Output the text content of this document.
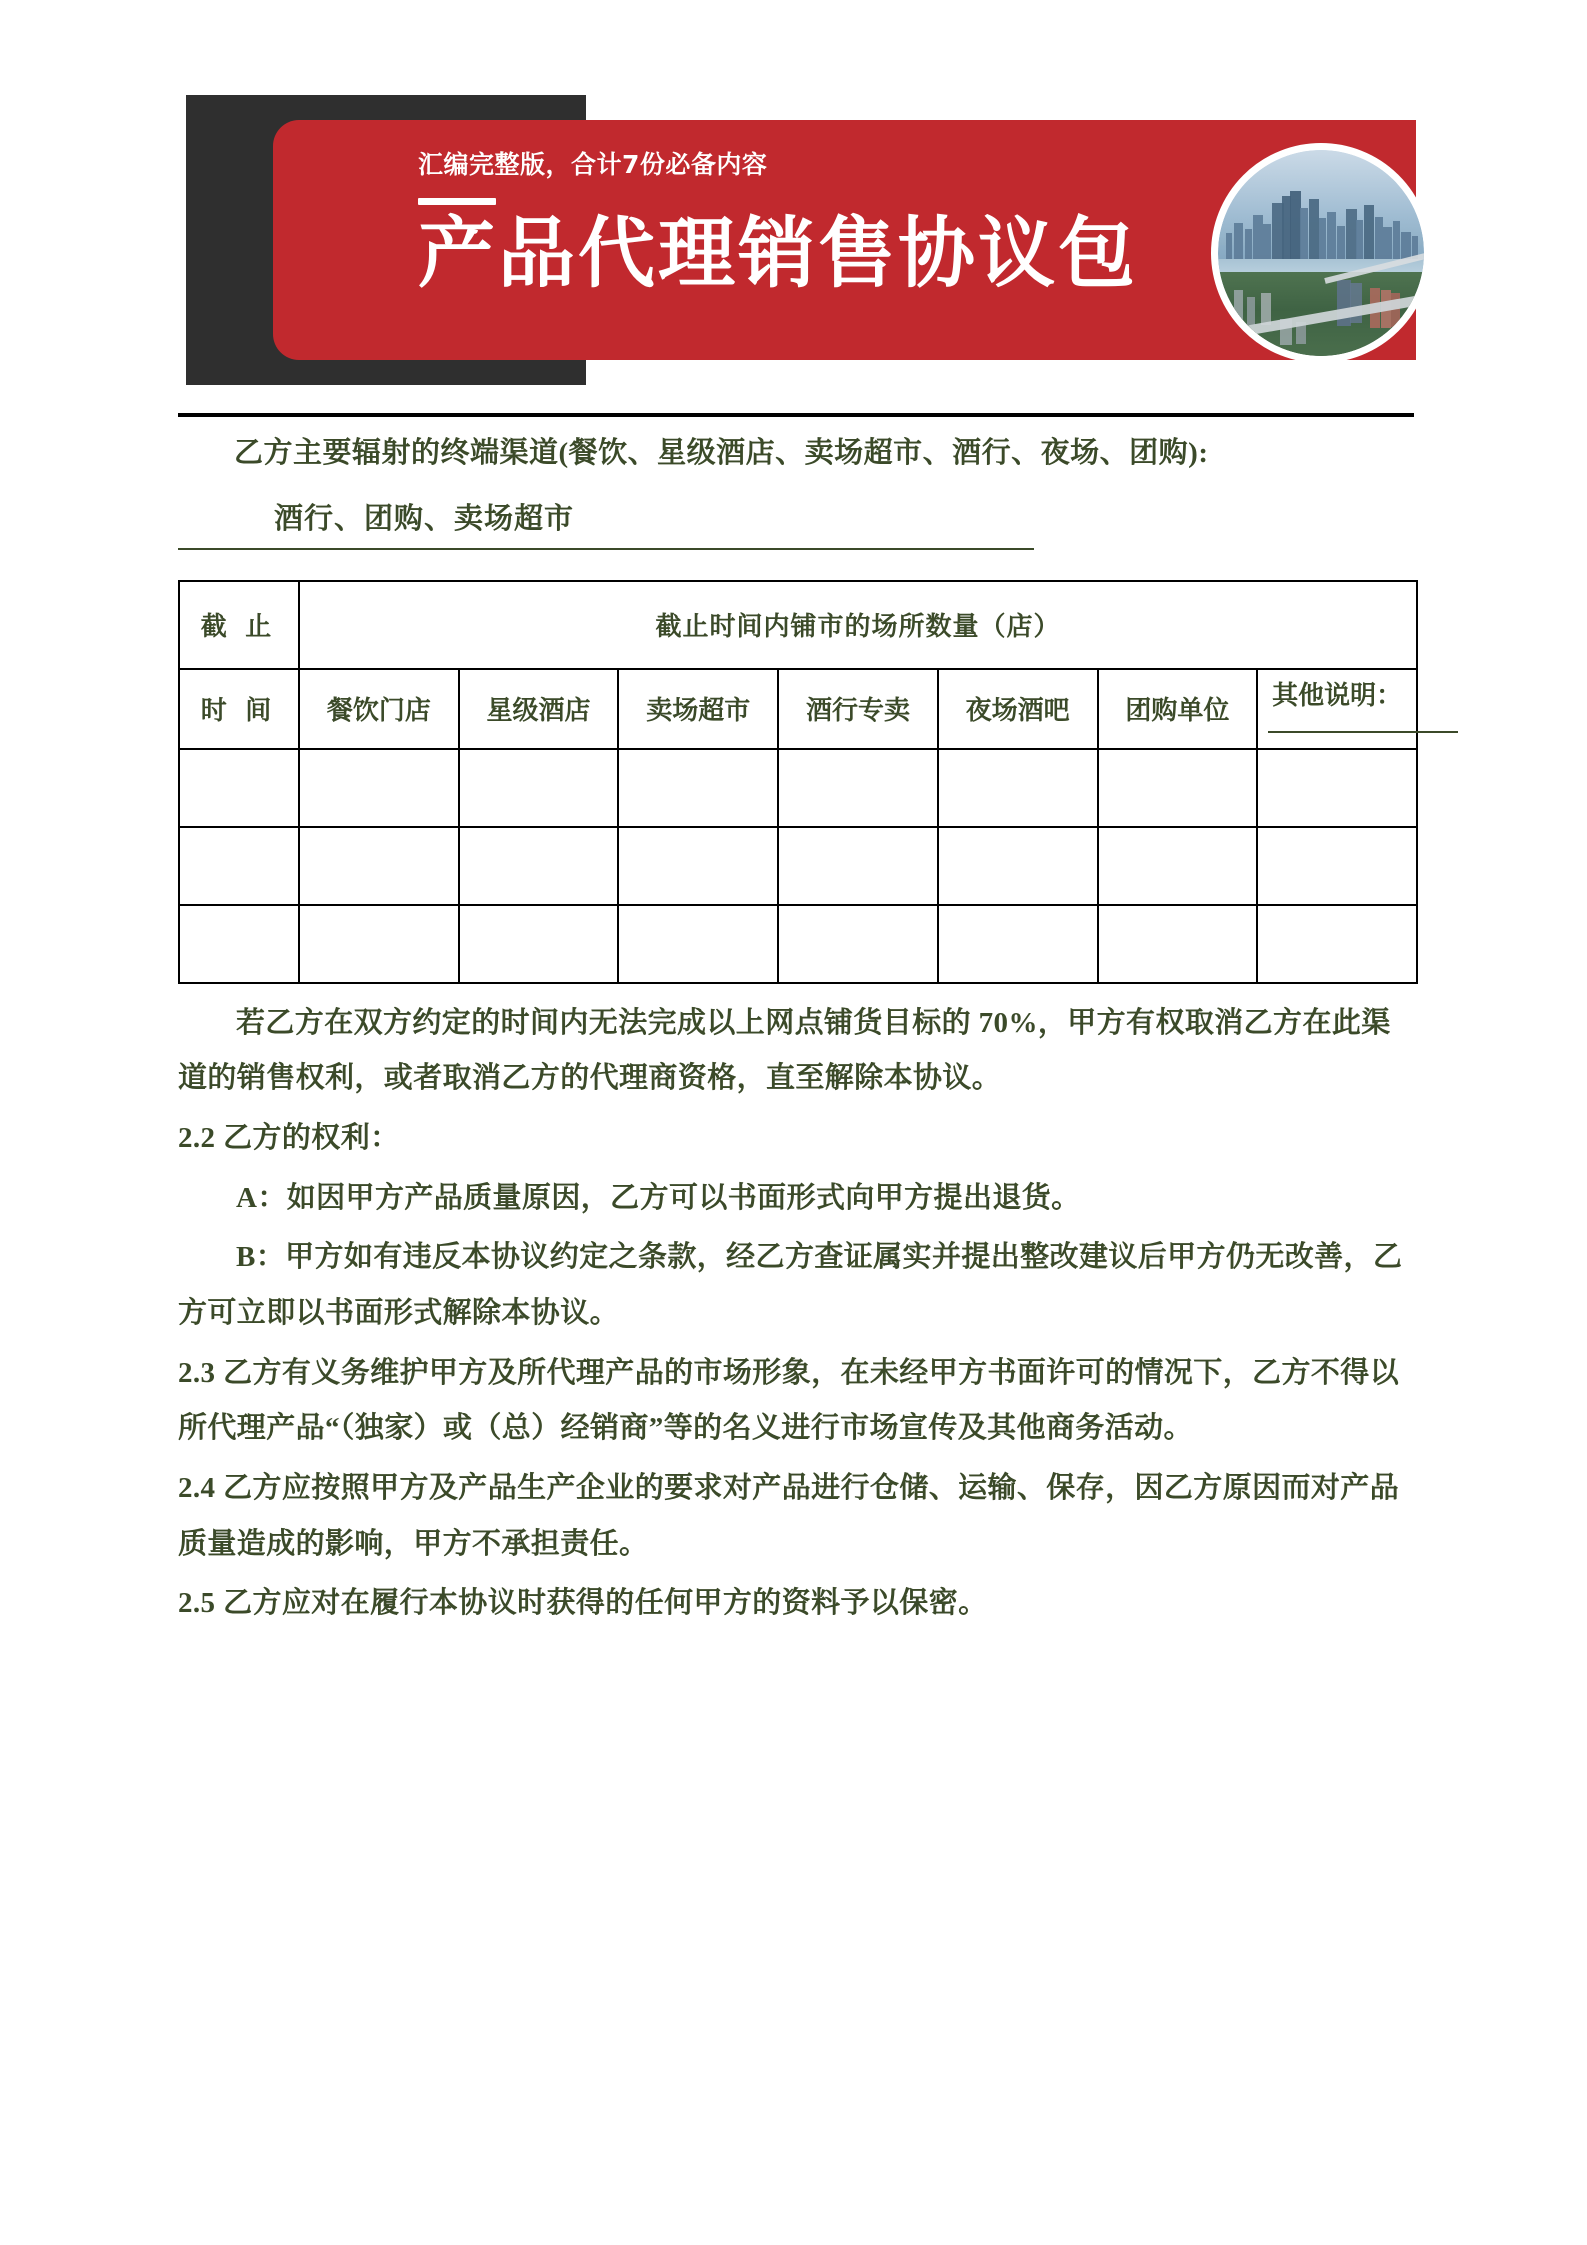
汇编完整版，合计7份必备内容
产品代理销售协议包
乙方主要辐射的终端渠道(餐饮、星级酒店、卖场超市、酒行、夜场、团购):
酒行、团购、卖场超市
截 止	截止时间内铺市的场所数量（店）						
时 间	餐饮门店	星级酒店	卖场超市	酒行专卖	夜场酒吧	团购单位	其他说明：

若乙方在双方约定的时间内无法完成以上网点铺货目标的 70%，甲方有权取消乙方在此渠道的销售权利，或者取消乙方的代理商资格，直至解除本协议。
2.2 乙方的权利：
A：如因甲方产品质量原因，乙方可以书面形式向甲方提出退货。
B：甲方如有违反本协议约定之条款，经乙方查证属实并提出整改建议后甲方仍无改善，乙方可立即以书面形式解除本协议。
2.3 乙方有义务维护甲方及所代理产品的市场形象，在未经甲方书面许可的情况下，乙方不得以所代理产品“（独家）或（总）经销商”等的名义进行市场宣传及其他商务活动。
2.4 乙方应按照甲方及产品生产企业的要求对产品进行仓储、运输、保存，因乙方原因而对产品质量造成的影响，甲方不承担责任。
2.5 乙方应对在履行本协议时获得的任何甲方的资料予以保密。
